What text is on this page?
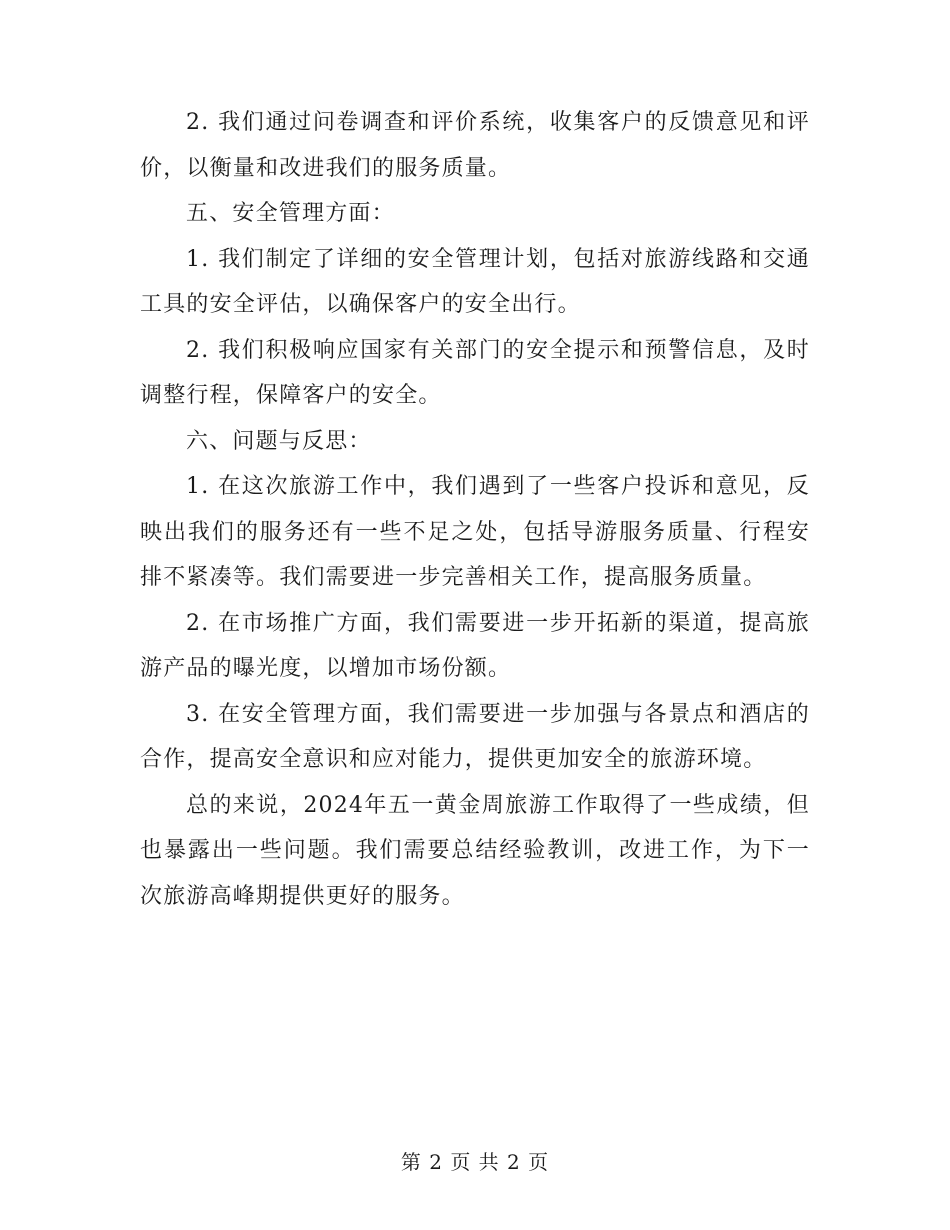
2. 我们通过问卷调查和评价系统，收集客户的反馈意见和评价，以衡量和改进我们的服务质量。

五、安全管理方面：

1. 我们制定了详细的安全管理计划，包括对旅游线路和交通工具的安全评估，以确保客户的安全出行。

2. 我们积极响应国家有关部门的安全提示和预警信息，及时调整行程，保障客户的安全。

六、问题与反思：

1. 在这次旅游工作中，我们遇到了一些客户投诉和意见，反映出我们的服务还有一些不足之处，包括导游服务质量、行程安排不紧凑等。我们需要进一步完善相关工作，提高服务质量。

2. 在市场推广方面，我们需要进一步开拓新的渠道，提高旅游产品的曝光度，以增加市场份额。

3. 在安全管理方面，我们需要进一步加强与各景点和酒店的合作，提高安全意识和应对能力，提供更加安全的旅游环境。

总的来说，2024年五一黄金周旅游工作取得了一些成绩，但也暴露出一些问题。我们需要总结经验教训，改进工作，为下一次旅游高峰期提供更好的服务。

第 2 页 共 2 页
